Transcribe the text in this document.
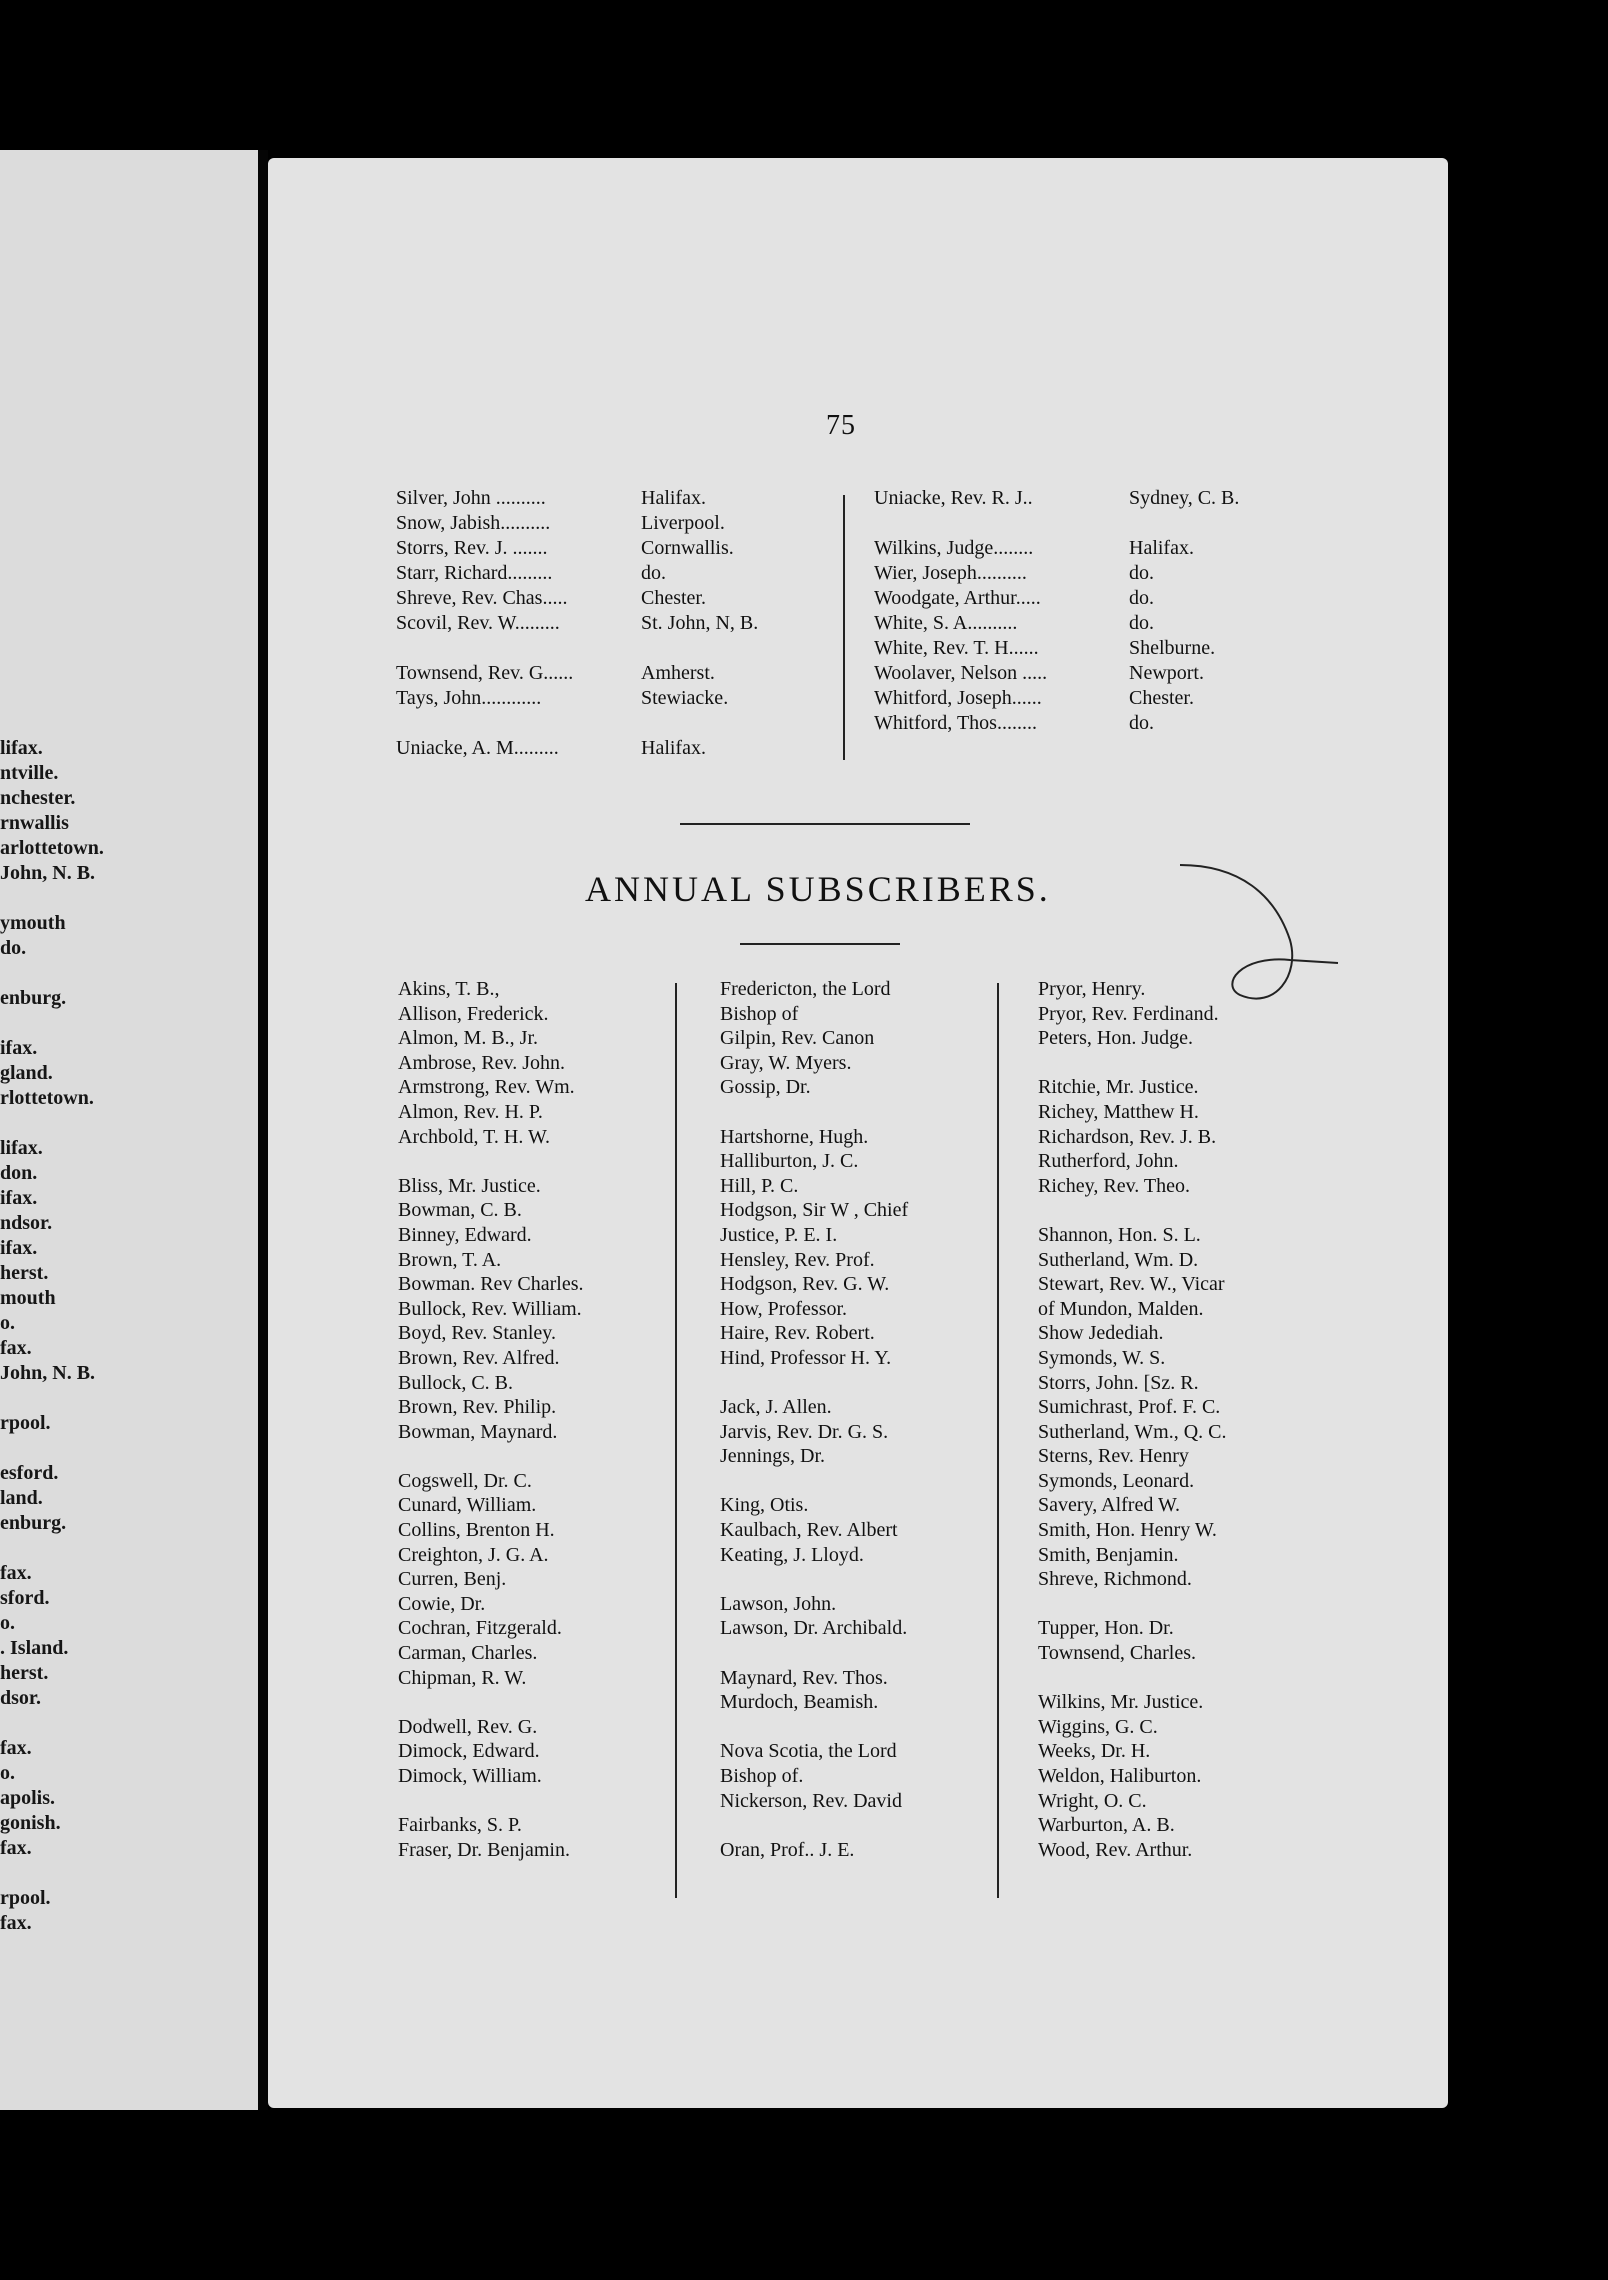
lifax.
ntville.
nchester.
rnwallis
arlottetown.
John, N. B.
ymouth
do.
enburg.
ifax.
gland.
rlottetown.
lifax.
don.
ifax.
ndsor.
ifax.
herst.
mouth
o.
fax.
John, N. B.
rpool.
esford.
land.
enburg.
fax.
sford.
o.
. Island.
herst.
dsor.
fax.
o.
apolis.
gonish.
fax.
rpool.
fax.
75
Silver, John ..........	Halifax.
Snow, Jabish..........	Liverpool.
Storrs, Rev. J. .......	Cornwallis.
Starr, Richard.........	do.
Shreve, Rev. Chas.....	Chester.
Scovil, Rev. W.........	St. John, N, B.
Townsend, Rev. G......	Amherst.
Tays, John............	Stewiacke.
Uniacke, A. M.........	Halifax.
Uniacke, Rev. R. J..	Sydney, C. B.
Wilkins, Judge........	Halifax.
Wier, Joseph..........	do.
Woodgate, Arthur.....	do.
White, S. A..........	do.
White, Rev. T. H......	Shelburne.
Woolaver, Nelson .....	Newport.
Whitford, Joseph......	Chester.
Whitford, Thos........	do.
ANNUAL SUBSCRIBERS.
Akins, T. B.,
Allison, Frederick.
Almon, M. B., Jr.
Ambrose, Rev. John.
Armstrong, Rev. Wm.
Almon, Rev. H. P.
Archbold, T. H. W.
Bliss, Mr. Justice.
Bowman, C. B.
Binney, Edward.
Brown, T. A.
Bowman. Rev Charles.
Bullock, Rev. William.
Boyd, Rev. Stanley.
Brown, Rev. Alfred.
Bullock, C. B.
Brown, Rev. Philip.
Bowman, Maynard.
Cogswell, Dr. C.
Cunard, William.
Collins, Brenton H.
Creighton, J. G. A.
Curren, Benj.
Cowie, Dr.
Cochran, Fitzgerald.
Carman, Charles.
Chipman, R. W.
Dodwell, Rev. G.
Dimock, Edward.
Dimock, William.
Fairbanks, S. P.
Fraser, Dr. Benjamin.
Fredericton, the Lord
Bishop of
Gilpin, Rev. Canon
Gray, W. Myers.
Gossip, Dr.
Hartshorne, Hugh.
Halliburton, J. C.
Hill, P. C.
Hodgson, Sir W , Chief
Justice, P. E. I.
Hensley, Rev. Prof.
Hodgson, Rev. G. W.
How, Professor.
Haire, Rev. Robert.
Hind, Professor H. Y.
Jack, J. Allen.
Jarvis, Rev. Dr. G. S.
Jennings, Dr.
King, Otis.
Kaulbach, Rev. Albert
Keating, J. Lloyd.
Lawson, John.
Lawson, Dr. Archibald.
Maynard, Rev. Thos.
Murdoch, Beamish.
Nova Scotia, the Lord
Bishop of.
Nickerson, Rev. David
Oran, Prof.. J. E.
Pryor, Henry.
Pryor, Rev. Ferdinand.
Peters, Hon. Judge.
Ritchie, Mr. Justice.
Richey, Matthew H.
Richardson, Rev. J. B.
Rutherford, John.
Richey, Rev. Theo.
Shannon, Hon. S. L.
Sutherland, Wm. D.
Stewart, Rev. W., Vicar
of Mundon, Malden.
Show Jedediah.
Symonds, W. S.
Storrs, John. [Sz. R.
Sumichrast, Prof. F. C.
Sutherland, Wm., Q. C.
Sterns, Rev. Henry
Symonds, Leonard.
Savery, Alfred W.
Smith, Hon. Henry W.
Smith, Benjamin.
Shreve, Richmond.
Tupper, Hon. Dr.
Townsend, Charles.
Wilkins, Mr. Justice.
Wiggins, G. C.
Weeks, Dr. H.
Weldon, Haliburton.
Wright, O. C.
Warburton, A. B.
Wood, Rev. Arthur.
